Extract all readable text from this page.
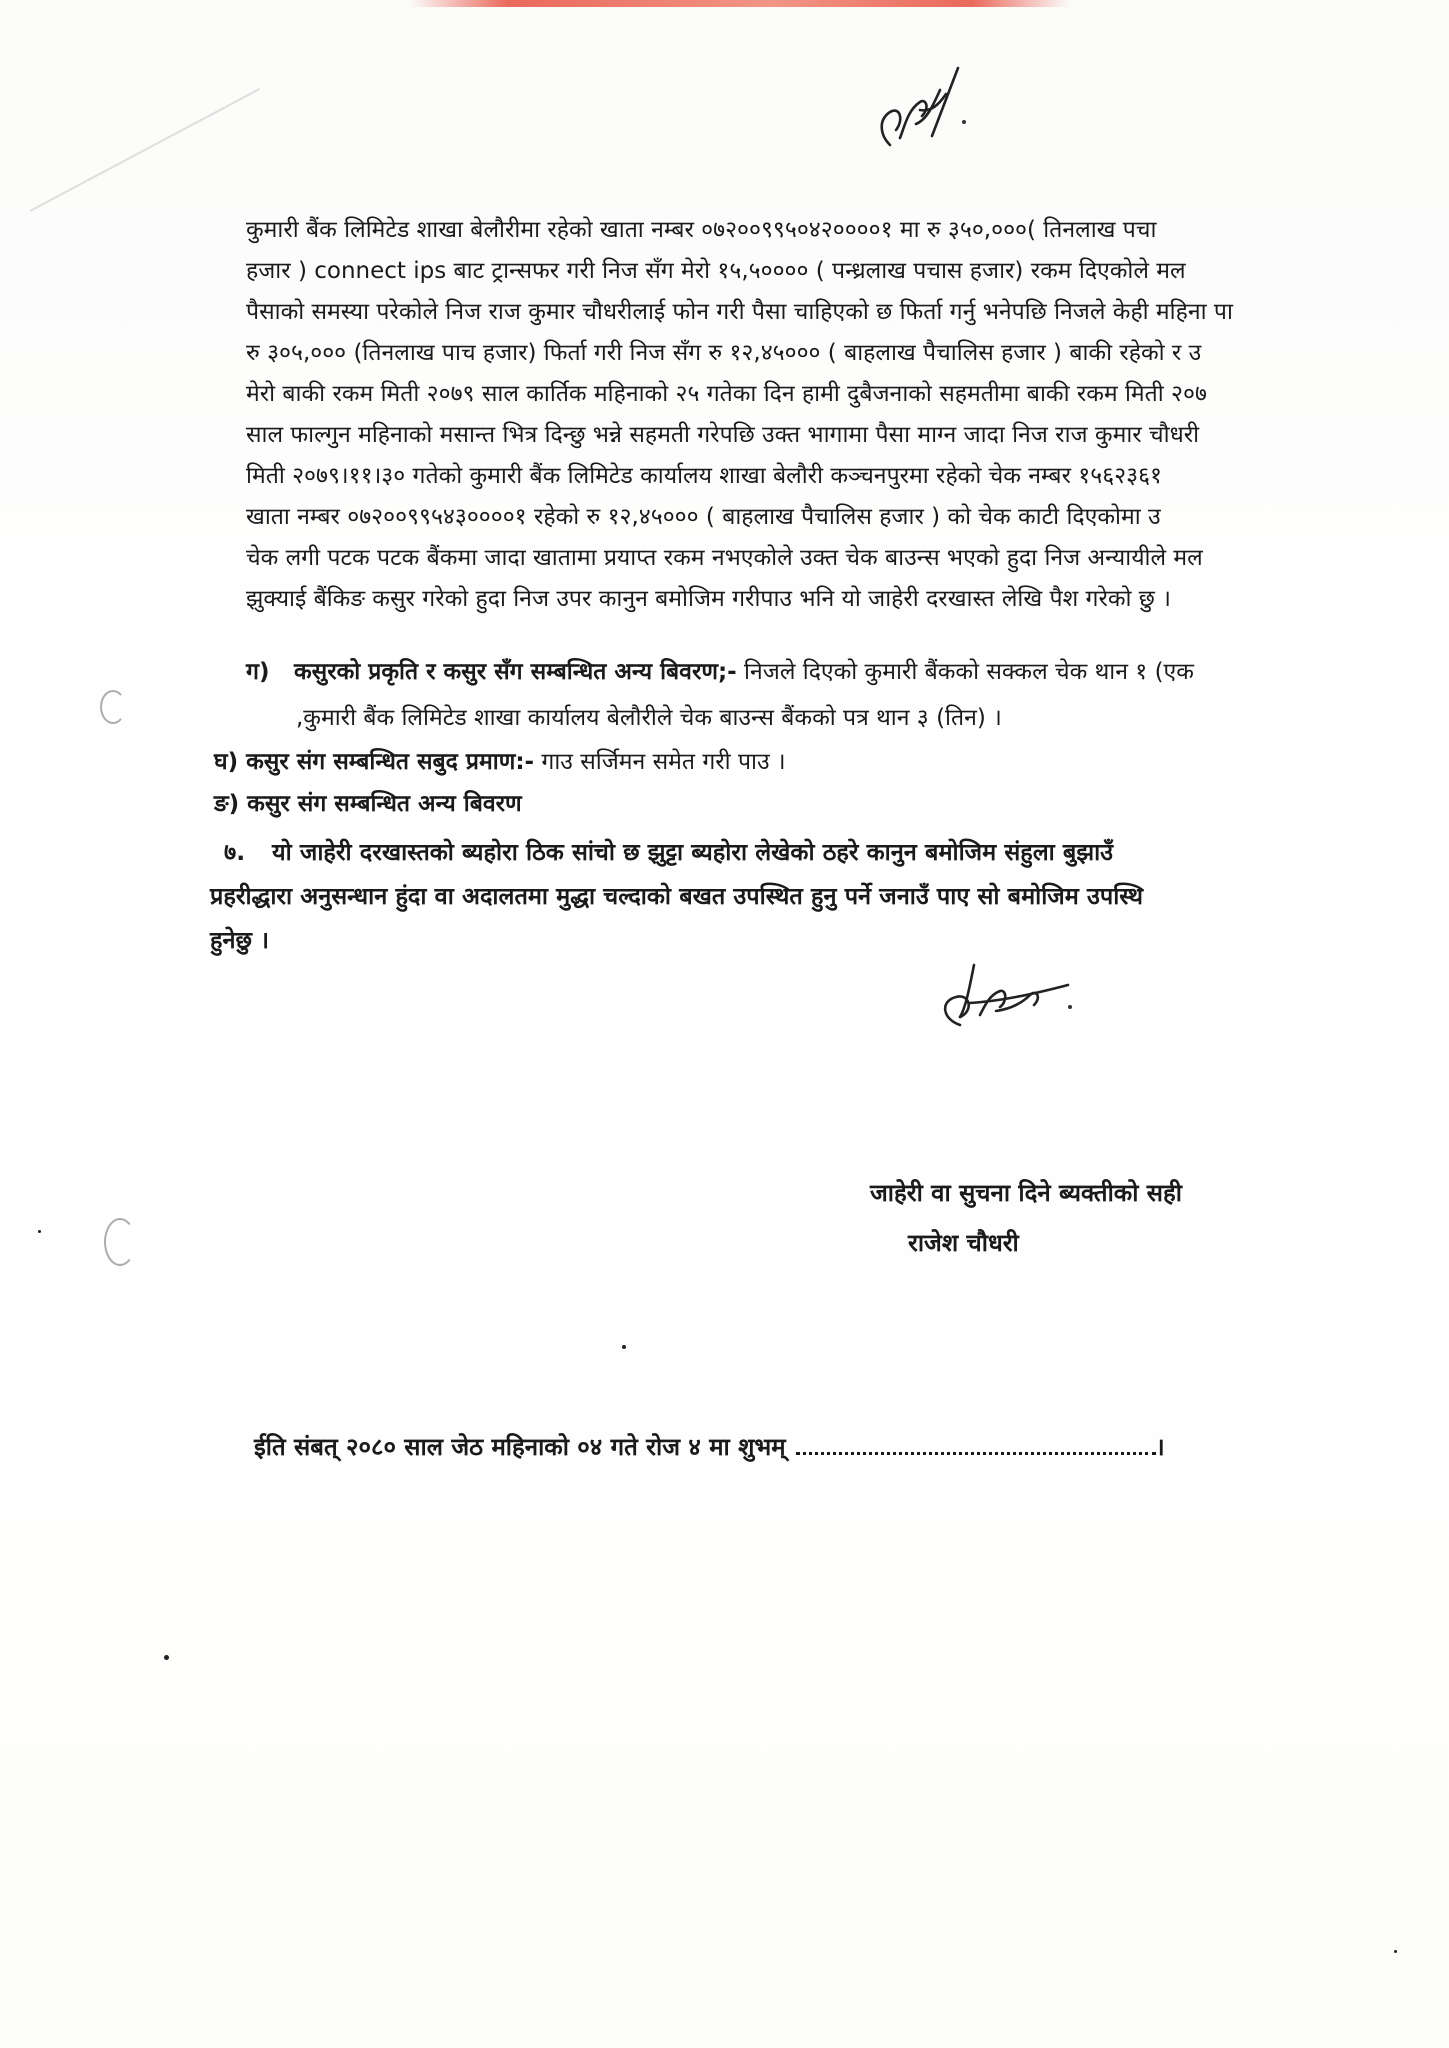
कुमारी बैंक लिमिटेड शाखा बेलौरीमा रहेको खाता नम्बर ०७२००९९५०४२००००१ मा रु ३५०,०००( तिनलाख पचा

हजार ) connect ips बाट ट्रान्सफर गरी निज सँग मेरो १५,५०००० ( पन्ध्रलाख पचास हजार) रकम दिएकोले मल

पैसाको समस्या परेकोले निज राज कुमार चौधरीलाई फोन गरी पैसा चाहिएको छ फिर्ता गर्नु भनेपछि निजले केही महिना पा

रु ३०५,००० (तिनलाख पाच हजार) फिर्ता गरी निज सँग रु १२,४५००० ( बाहलाख पैचालिस हजार ) बाकी रहेको र उ

मेरो बाकी रकम मिती २०७९ साल कार्तिक महिनाको २५ गतेका दिन हामी दुबैजनाको सहमतीमा बाकी रकम मिती २०७

साल फाल्गुन महिनाको मसान्त भित्र दिन्छु भन्ने सहमती गरेपछि उक्त भागामा पैसा माग्न जादा निज राज कुमार चौधरी

मिती २०७९।११।३० गतेको कुमारी बैंक लिमिटेड कार्यालय शाखा बेलौरी कञ्चनपुरमा रहेको चेक नम्बर १५६२३६१

खाता नम्बर ०७२००९९५४३००००१ रहेको रु १२,४५००० ( बाहलाख पैचालिस हजार ) को चेक काटी दिएकोमा उ

चेक लगी पटक पटक बैंकमा जादा खातामा प्रयाप्त रकम नभएकोले उक्त चेक बाउन्स भएको हुदा निज अन्यायीले मल

झुक्याई बैंकिङ कसुर गरेको हुदा निज उपर कानुन बमोजिम गरीपाउ भनि यो जाहेरी दरखास्त लेखि पैश गरेको छु ।

ग) कसुरको प्रकृति र कसुर सँग सम्बन्धित अन्य बिवरण;- निजले दिएको कुमारी बैंकको सक्कल चेक थान १ (एक
,कुमारी बैंक लिमिटेड शाखा कार्यालय बेलौरीले चेक बाउन्स बैंकको पत्र थान ३ (तिन) ।
घ) कसुर संग सम्बन्धित सबुद प्रमाण:- गाउ सर्जिमन समेत गरी पाउ ।
ङ) कसुर संग सम्बन्धित अन्य बिवरण

७. यो जाहेरी दरखास्तको ब्यहोरा ठिक सांचो छ झुट्टा ब्यहोरा लेखेको ठहरे कानुन बमोजिम संहुला बुझाउँ

प्रहरीद्धारा अनुसन्धान हुंदा वा अदालतमा मुद्धा चल्दाको बखत उपस्थित हुनु पर्ने जनाउँ पाए सो बमोजिम उपस्थि

हुनेछु ।

जाहेरी वा सुचना दिने ब्यक्तीको सही
राजेश चौधरी
ईति संबत् २०८० साल जेठ महिनाको ०४ गते रोज ४ मा शुभम्	।
